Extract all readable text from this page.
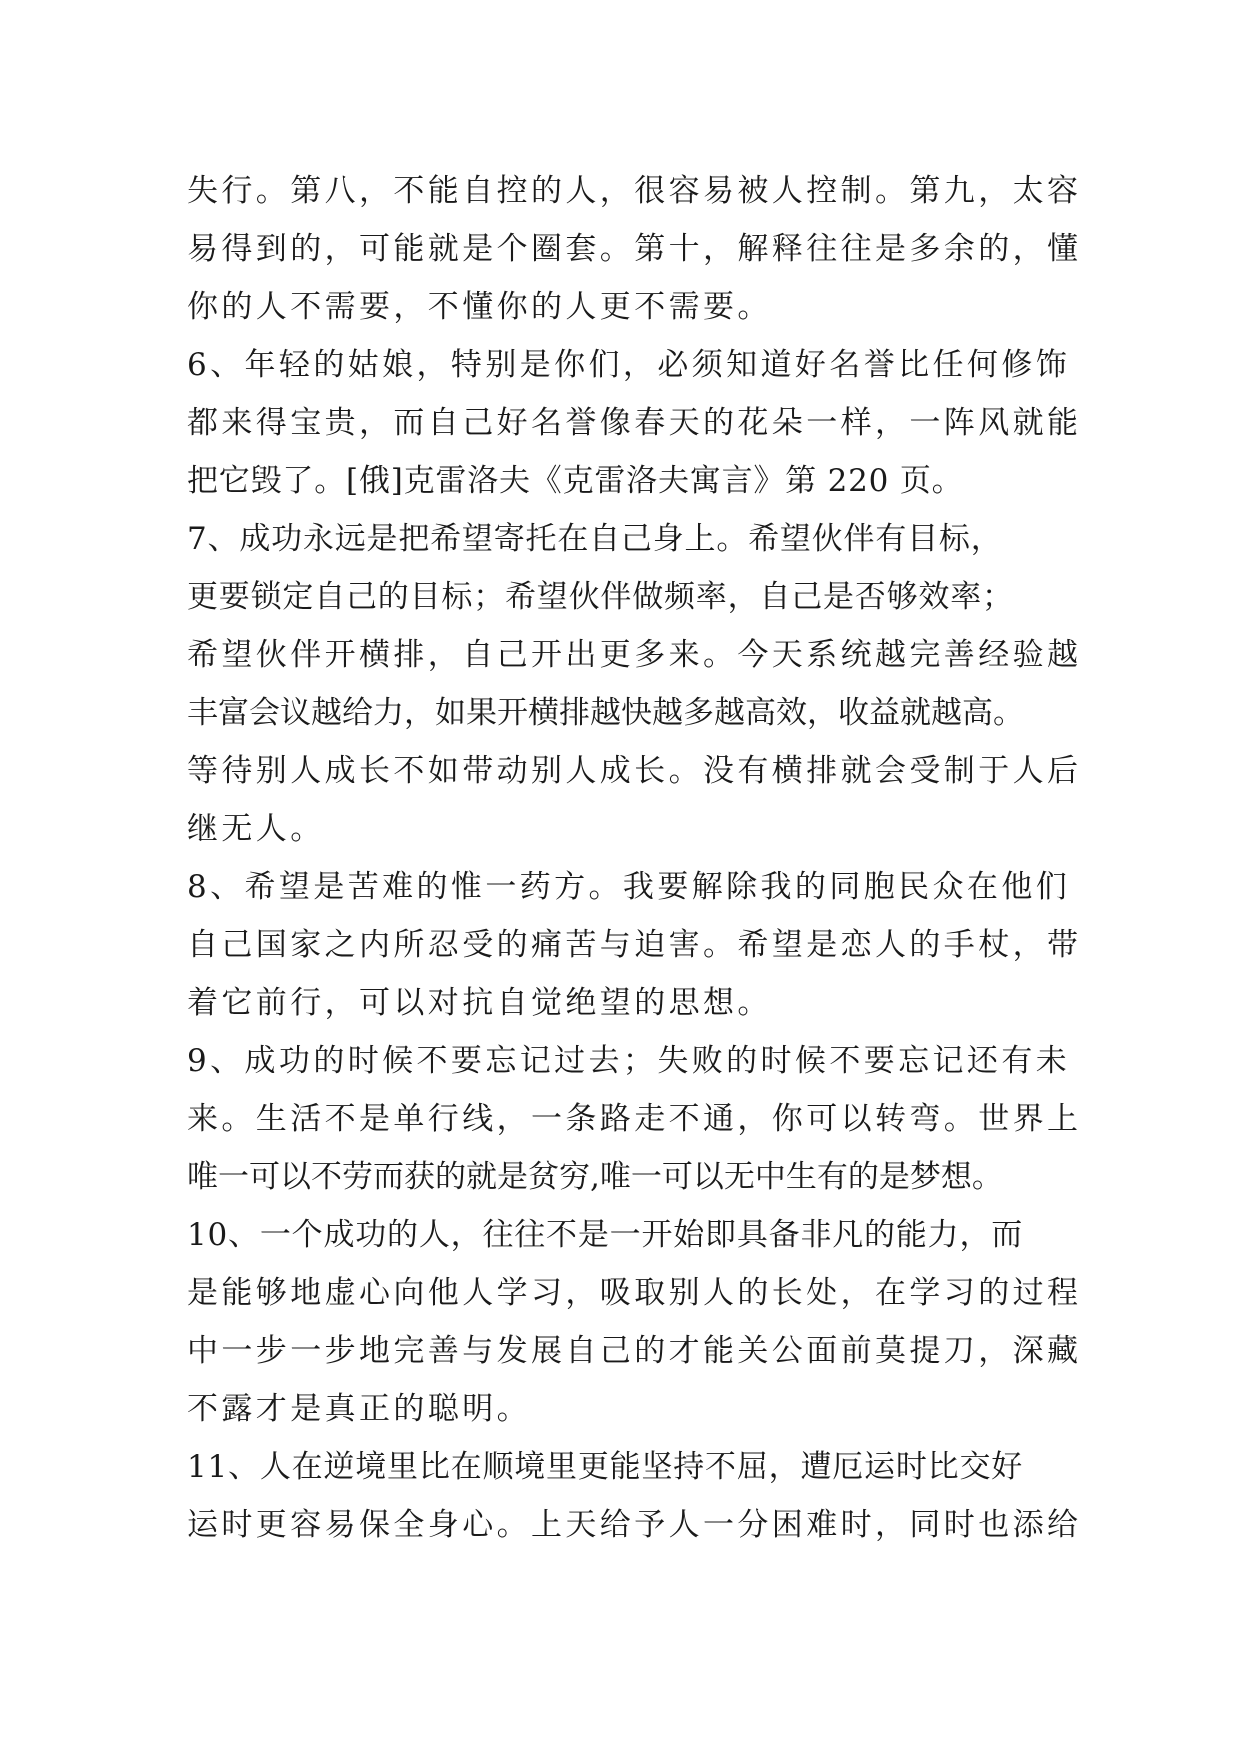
失行。第八，不能自控的人，很容易被人控制。第九，太容
易得到的，可能就是个圈套。第十，解释往往是多余的，懂
你的人不需要，不懂你的人更不需要。
6、年轻的姑娘，特别是你们，必须知道好名誉比任何修饰
都来得宝贵，而自己好名誉像春天的花朵一样，一阵风就能
把它毁了。[俄]克雷洛夫《克雷洛夫寓言》第 220 页。
7、成功永远是把希望寄托在自己身上。希望伙伴有目标，
更要锁定自己的目标；希望伙伴做频率，自己是否够效率；
希望伙伴开横排，自己开出更多来。今天系统越完善经验越
丰富会议越给力，如果开横排越快越多越高效，收益就越高。
等待别人成长不如带动别人成长。没有横排就会受制于人后
继无人。
8、希望是苦难的惟一药方。我要解除我的同胞民众在他们
自己国家之内所忍受的痛苦与迫害。希望是恋人的手杖，带
着它前行，可以对抗自觉绝望的思想。
9、成功的时候不要忘记过去；失败的时候不要忘记还有未
来。生活不是单行线，一条路走不通，你可以转弯。世界上
唯一可以不劳而获的就是贫穷,唯一可以无中生有的是梦想。
10、一个成功的人，往往不是一开始即具备非凡的能力，而
是能够地虚心向他人学习，吸取别人的长处，在学习的过程
中一步一步地完善与发展自己的才能关公面前莫提刀，深藏
不露才是真正的聪明。
11、人在逆境里比在顺境里更能坚持不屈，遭厄运时比交好
运时更容易保全身心。上天给予人一分困难时，同时也添给
